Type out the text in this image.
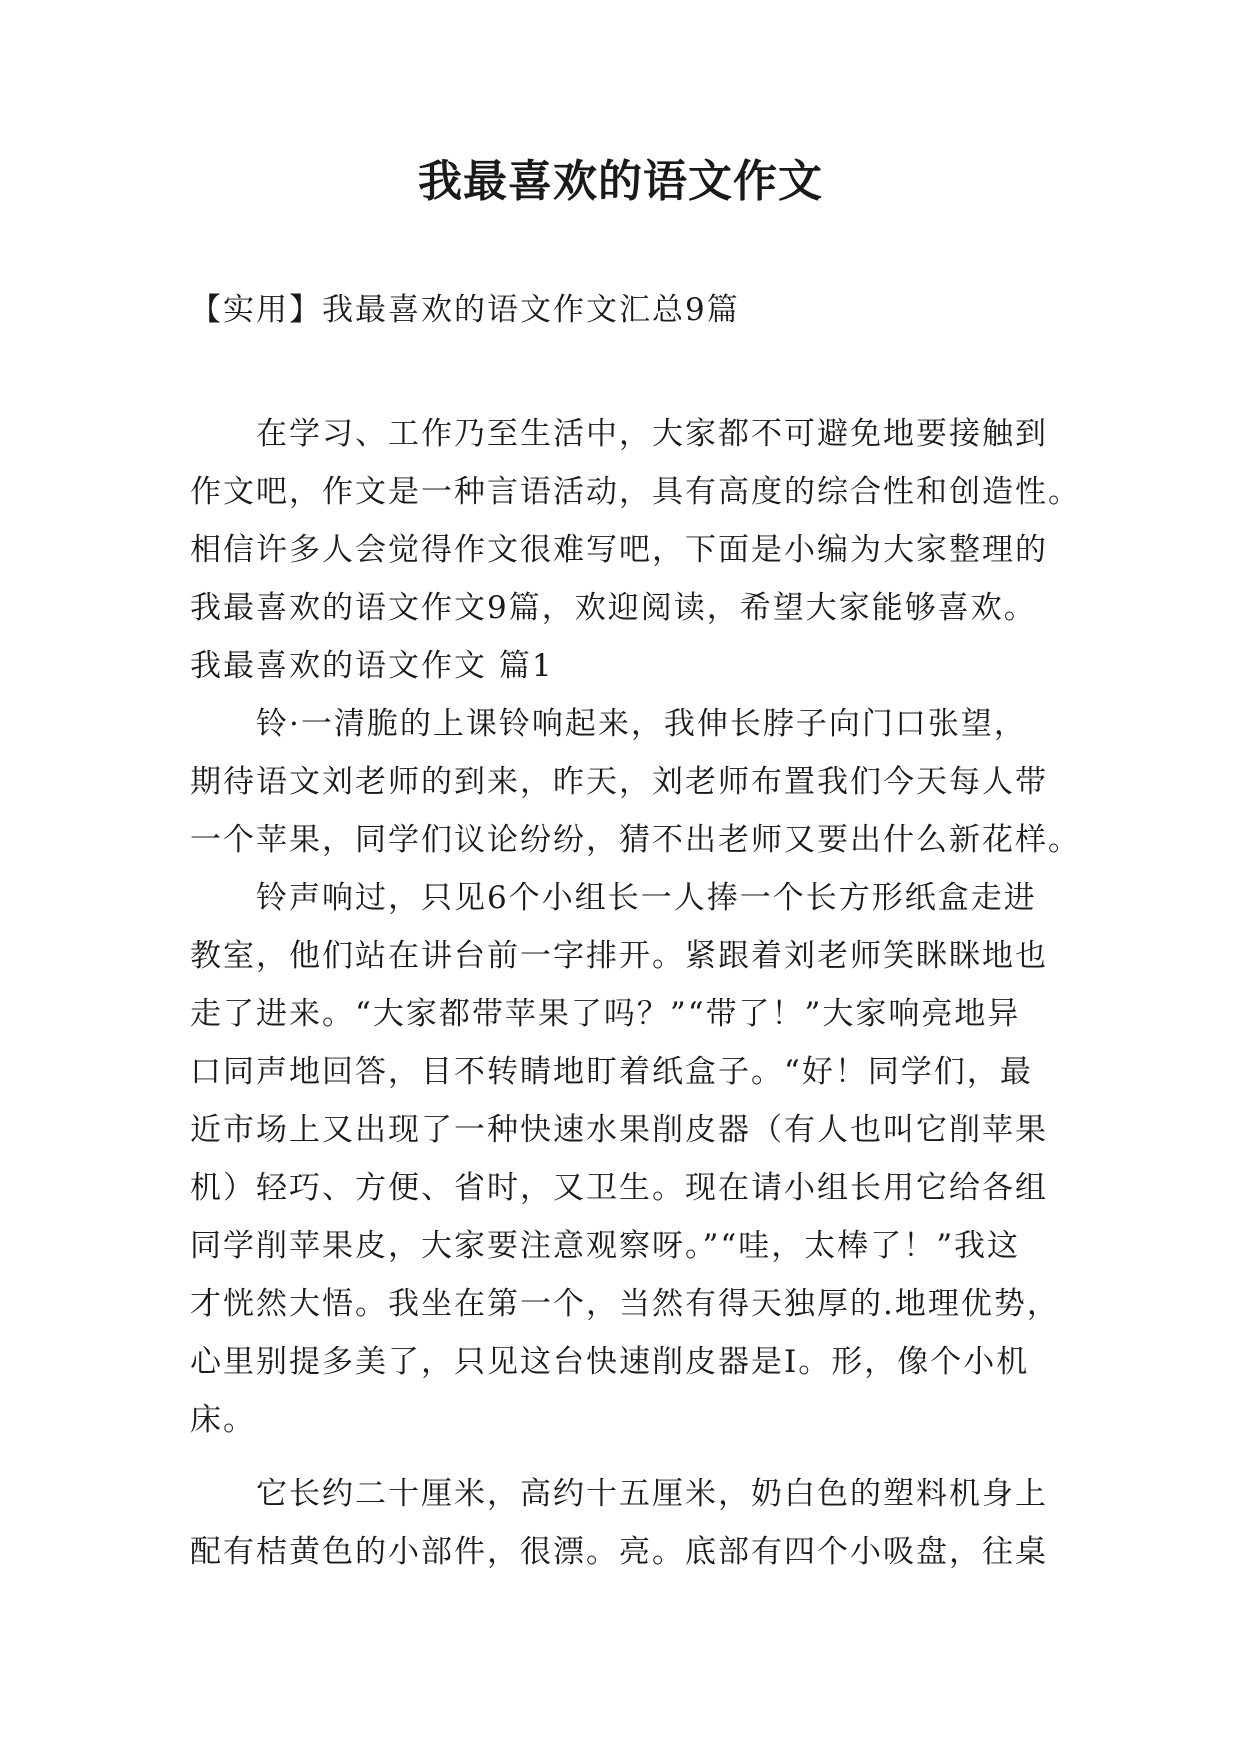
我最喜欢的语文作文

【实用】我最喜欢的语文作文汇总9篇

在学习、工作乃至生活中，大家都不可避免地要接触到

作文吧，作文是一种言语活动，具有高度的综合性和创造性。

相信许多人会觉得作文很难写吧，下面是小编为大家整理的

我最喜欢的语文作文9篇，欢迎阅读，希望大家能够喜欢。

我最喜欢的语文作文 篇1

铃·一清脆的上课铃响起来，我伸长脖子向门口张望，

期待语文刘老师的到来，昨天，刘老师布置我们今天每人带

一个苹果，同学们议论纷纷，猜不出老师又要出什么新花样。

铃声响过，只见6个小组长一人捧一个长方形纸盒走进

教室，他们站在讲台前一字排开。紧跟着刘老师笑眯眯地也

走了进来。“大家都带苹果了吗？”“带了！”大家响亮地异

口同声地回答，目不转睛地盯着纸盒子。“好！同学们，最

近市场上又出现了一种快速水果削皮器（有人也叫它削苹果

机）轻巧、方便、省时，又卫生。现在请小组长用它给各组

同学削苹果皮，大家要注意观察呀。”“哇，太棒了！”我这

才恍然大悟。我坐在第一个，当然有得天独厚的.地理优势，

心里别提多美了，只见这台快速削皮器是I。形，像个小机

床。

它长约二十厘米，高约十五厘米，奶白色的塑料机身上

配有桔黄色的小部件，很漂。亮。底部有四个小吸盘，往桌
